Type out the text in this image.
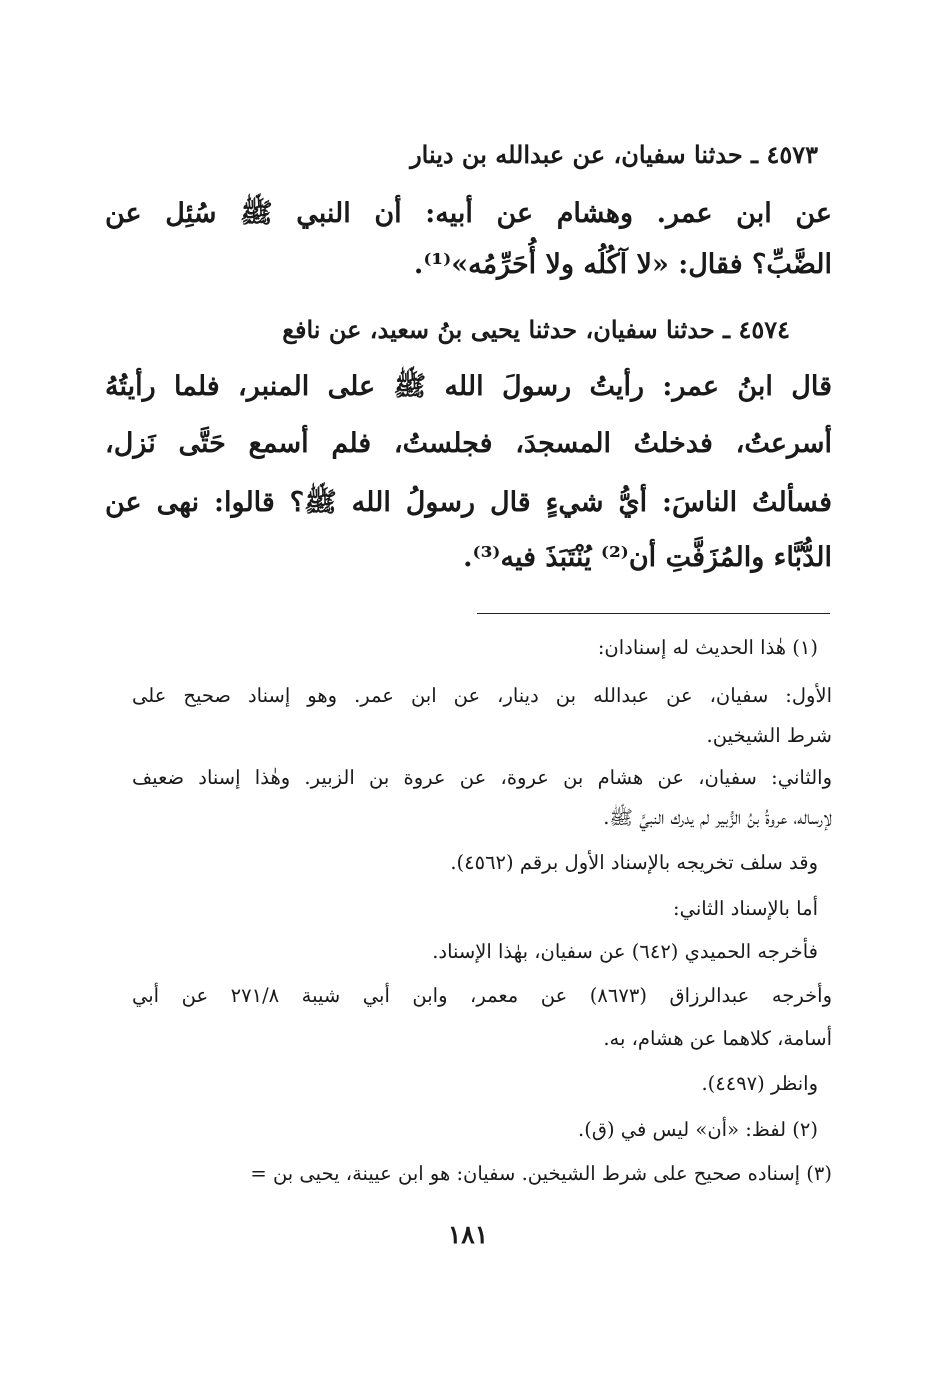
٤٥٧٣ ـ حدثنا سفيان، عن عبدالله بن دينار
عن ابن عمر. وهشام عن أبيه: أن النبي ﷺ سُئِل عن
الضَّبِّ؟ فقال: «لا آكُلُه ولا أُحَرِّمُه»⁽¹⁾.
٤٥٧٤ ـ حدثنا سفيان، حدثنا يحيى بنُ سعيد، عن نافع
قال ابنُ عمر: رأيتُ رسولَ الله ﷺ على المنبر، فلما رأيتُهُ
أسرعتُ، فدخلتُ المسجدَ، فجلستُ، فلم أسمع حَتَّى نَزل،
فسألتُ الناسَ: أيُّ شيءٍ قال رسولُ الله ﷺ؟ قالوا: نهى عن
الدُّبَّاء والمُزَفَّتِ أن⁽²⁾ يُنْتَبَذَ فيه⁽³⁾.
(١) هٰذا الحديث له إسنادان:
الأول: سفيان، عن عبدالله بن دينار، عن ابن عمر. وهو إسناد صحيح على
شرط الشيخين.
والثاني: سفيان، عن هشام بن عروة، عن عروة بن الزبير. وهٰذا إسناد ضعيف
لإرساله، عروةُ بنُ الزُّبير لم يدرك النبيَّ ﷺ.
وقد سلف تخريجه بالإسناد الأول برقم (٤٥٦٢).
أما بالإسناد الثاني:
فأخرجه الحميدي (٦٤٢) عن سفيان، بهٰذا الإسناد.
وأخرجه عبدالرزاق (٨٦٧٣) عن معمر، وابن أبي شيبة ٢٧١/٨ عن أبي
أسامة، كلاهما عن هشام، به.
وانظر (٤٤٩٧).
(٢) لفظ: «أن» ليس في (ق).
(٣) إسناده صحيح على شرط الشيخين. سفيان: هو ابن عيينة، يحيى بن =
١٨١
